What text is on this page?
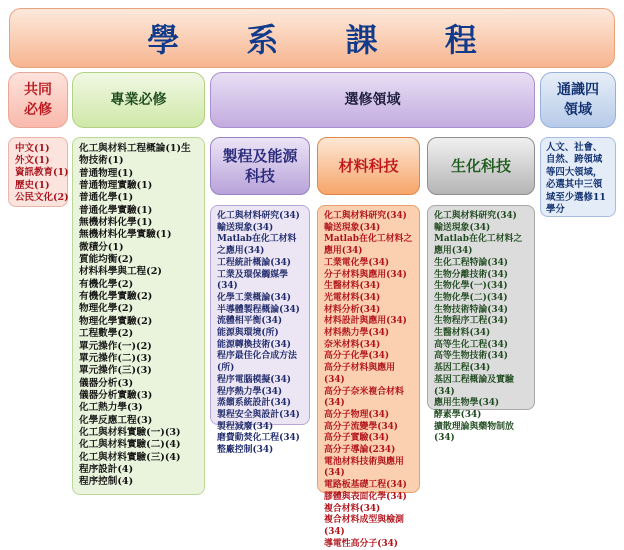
學 系 課 程
共同必修
專業必修	選修領域
通識四領域
製程及能源科技
材料科技	生化科技
中文(1)
外文(1)
資訊教育(1)
歷史(1)
公民文化(2)
化工與材料工程概論(1)生物技術(1)
普通物理(1)
普通物理實驗(1)
普通化學(1)
普通化學實驗(1)
無機材料化學(1)
無機材料化學實驗(1)
微積分(1)
質能均衡(2)
材料科學與工程(2)
有機化學(2)
有機化學實驗(2)
物理化學(2)
物理化學實驗(2)
工程數學(2)
單元操作(一)(2)
單元操作(二)(3)
單元操作(三)(3)
儀器分析(3)
儀器分析實驗(3)
化工熱力學(3)
化學反應工程(3)
化工與材料實驗(一)(3)
化工與材料實驗(二)(4)
化工與材料實驗(三)(4)
程序設計(4)
程序控制(4)
化工與材料研究(34)
輸送現象(34)
Matlab在化工材料之應用(34)
工程統計概論(34)
工業及環保觸媒學(34)
化學工業概論(34)
半導體製程概論(34)
流體相平衡(34)
能源與環境(所)
能源轉換技術(34)
程序最佳化合成方法(所)
程序電腦模擬(34)
程序熱力學(34)
蒸餾系統設計(34)
製程安全與設計(34)
製程減廢(34)
磨費動焚化工程(34)
整廠控制(34)
化工與材料研究(34)
輸送現象(34)
Matlab在化工材料之應用(34)
工業電化學(34)
分子材料與應用(34)
生醫材料(34)
光電材料(34)
材料分析(34)
材料設計與應用(34)
材料熱力學(34)
奈米材料(34)
高分子化學(34)
高分子材料與應用(34)
高分子奈米複合材料(34)
高分子物理(34)
高分子流變學(34)
高分子實驗(34)
高分子導論(234)
電池材料技術與應用(34)
電路板基礎工程(34)
膠體與表面化學(34)
複合材料(34)
複合材料成型與檢測(34)
導電性高分子(34)
化工與材料研究(34)
輸送現象(34)
Matlab在化工材料之應用(34)
生化工程特論(34)
生物分離技術(34)
生物化學(一)(34)
生物化學(二)(34)
生物技術特論(34)
生物程序工程(34)
生醫材料(34)
高等生化工程(34)
高等生物技術(34)
基因工程(34)
基因工程概論及實驗(34)
應用生物學(34)
酵素學(34)
擴散理論與藥物制放(34)
人文、社會、自然、跨領域等四大領域，必選其中三領域至少選修11學分
